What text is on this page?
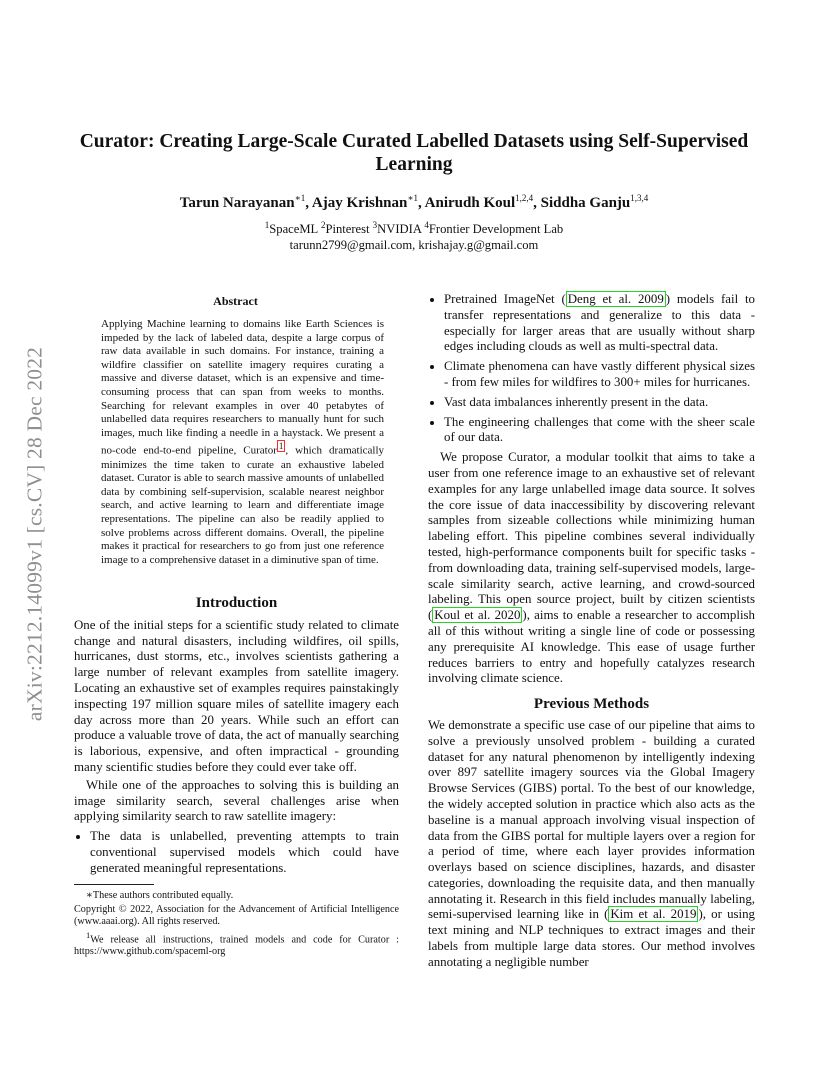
arXiv:2212.14099v1 [cs.CV] 28 Dec 2022
Curator: Creating Large-Scale Curated Labelled Datasets using Self-Supervised Learning
Tarun Narayanan$^{∗1}$, Ajay Krishnan$^{∗1}$, Anirudh Koul$^{1,2,4}$, Siddha Ganju$^{1,3,4}$
$^1$SpaceML $^2$Pinterest $^3$NVIDIA $^4$Frontier Development Lab
tarunn2799@gmail.com, krishajay.g@gmail.com
Abstract
Applying Machine learning to domains like Earth Sciences is impeded by the lack of labeled data, despite a large corpus of raw data available in such domains. For instance, training a wildfire classifier on satellite imagery requires curating a massive and diverse dataset, which is an expensive and time-consuming process that can span from weeks to months. Searching for relevant examples in over 40 petabytes of unlabelled data requires researchers to manually hunt for such images, much like finding a needle in a haystack. We present a no-code end-to-end pipeline, Curator $^1$ , which dramatically minimizes the time taken to curate an exhaustive labeled dataset. Curator is able to search massive amounts of unlabelled data by combining self-supervision, scalable nearest neighbor search, and active learning to learn and differentiate image representations. The pipeline can also be readily applied to solve problems across different domains. Overall, the pipeline makes it practical for researchers to go from just one reference image to a comprehensive dataset in a diminutive span of time.
Introduction

One of the initial steps for a scientific study related to climate change and natural disasters, including wildfires, oil spills, hurricanes, dust storms, etc., involves scientists gathering a large number of relevant examples from satellite imagery. Locating an exhaustive set of examples requires painstakingly inspecting 197 million square miles of satellite imagery each day across more than 20 years. While such an effort can produce a valuable trove of data, the act of manually searching is laborious, expensive, and often impractical - grounding many scientific studies before they could ever take off.

While one of the approaches to solving this is building an image similarity search, several challenges arise when applying similarity search to raw satellite imagery:

• The data is unlabelled, preventing attempts to train conventional supervised models which could have generated meaningful representations.
∗These authors contributed equally.
Copyright © 2022, Association for the Advancement of Artificial Intelligence (www.aaai.org). All rights reserved.
$^1$We release all instructions, trained models and code for Curator : https://www.github.com/spaceml-org
• Pretrained ImageNet ( Deng et al. 2009 ) models fail to transfer representations and generalize to this data - especially for larger areas that are usually without sharp edges including clouds as well as multi-spectral data.
• Climate phenomena can have vastly different physical sizes - from few miles for wildfires to 300+ miles for hurricanes.
• Vast data imbalances inherently present in the data.
• The engineering challenges that come with the sheer scale of our data.

We propose Curator, a modular toolkit that aims to take a user from one reference image to an exhaustive set of relevant examples for any large unlabelled image data source. It solves the core issue of data inaccessibility by discovering relevant samples from sizeable collections while minimizing human labeling effort. This pipeline combines several individually tested, high-performance components built for specific tasks - from downloading data, training self-supervised models, large-scale similarity search, active learning, and crowd-sourced labeling. This open source project, built by citizen scientists ( Koul et al. 2020 ), aims to enable a researcher to accomplish all of this without writing a single line of code or possessing any prerequisite AI knowledge. This ease of usage further reduces barriers to entry and hopefully catalyzes research involving climate science.

Previous Methods

We demonstrate a specific use case of our pipeline that aims to solve a previously unsolved problem - building a curated dataset for any natural phenomenon by intelligently indexing over 897 satellite imagery sources via the Global Imagery Browse Services (GIBS) portal. To the best of our knowledge, the widely accepted solution in practice which also acts as the baseline is a manual approach involving visual inspection of data from the GIBS portal for multiple layers over a region for a period of time, where each layer provides information overlays based on science disciplines, hazards, and disaster categories, downloading the requisite data, and then manually annotating it. Research in this field includes manually labeling, semi-supervised learning like in ( Kim et al. 2019 ), or using text mining and NLP techniques to extract images and their labels from multiple large data stores. Our method involves annotating a negligible number
